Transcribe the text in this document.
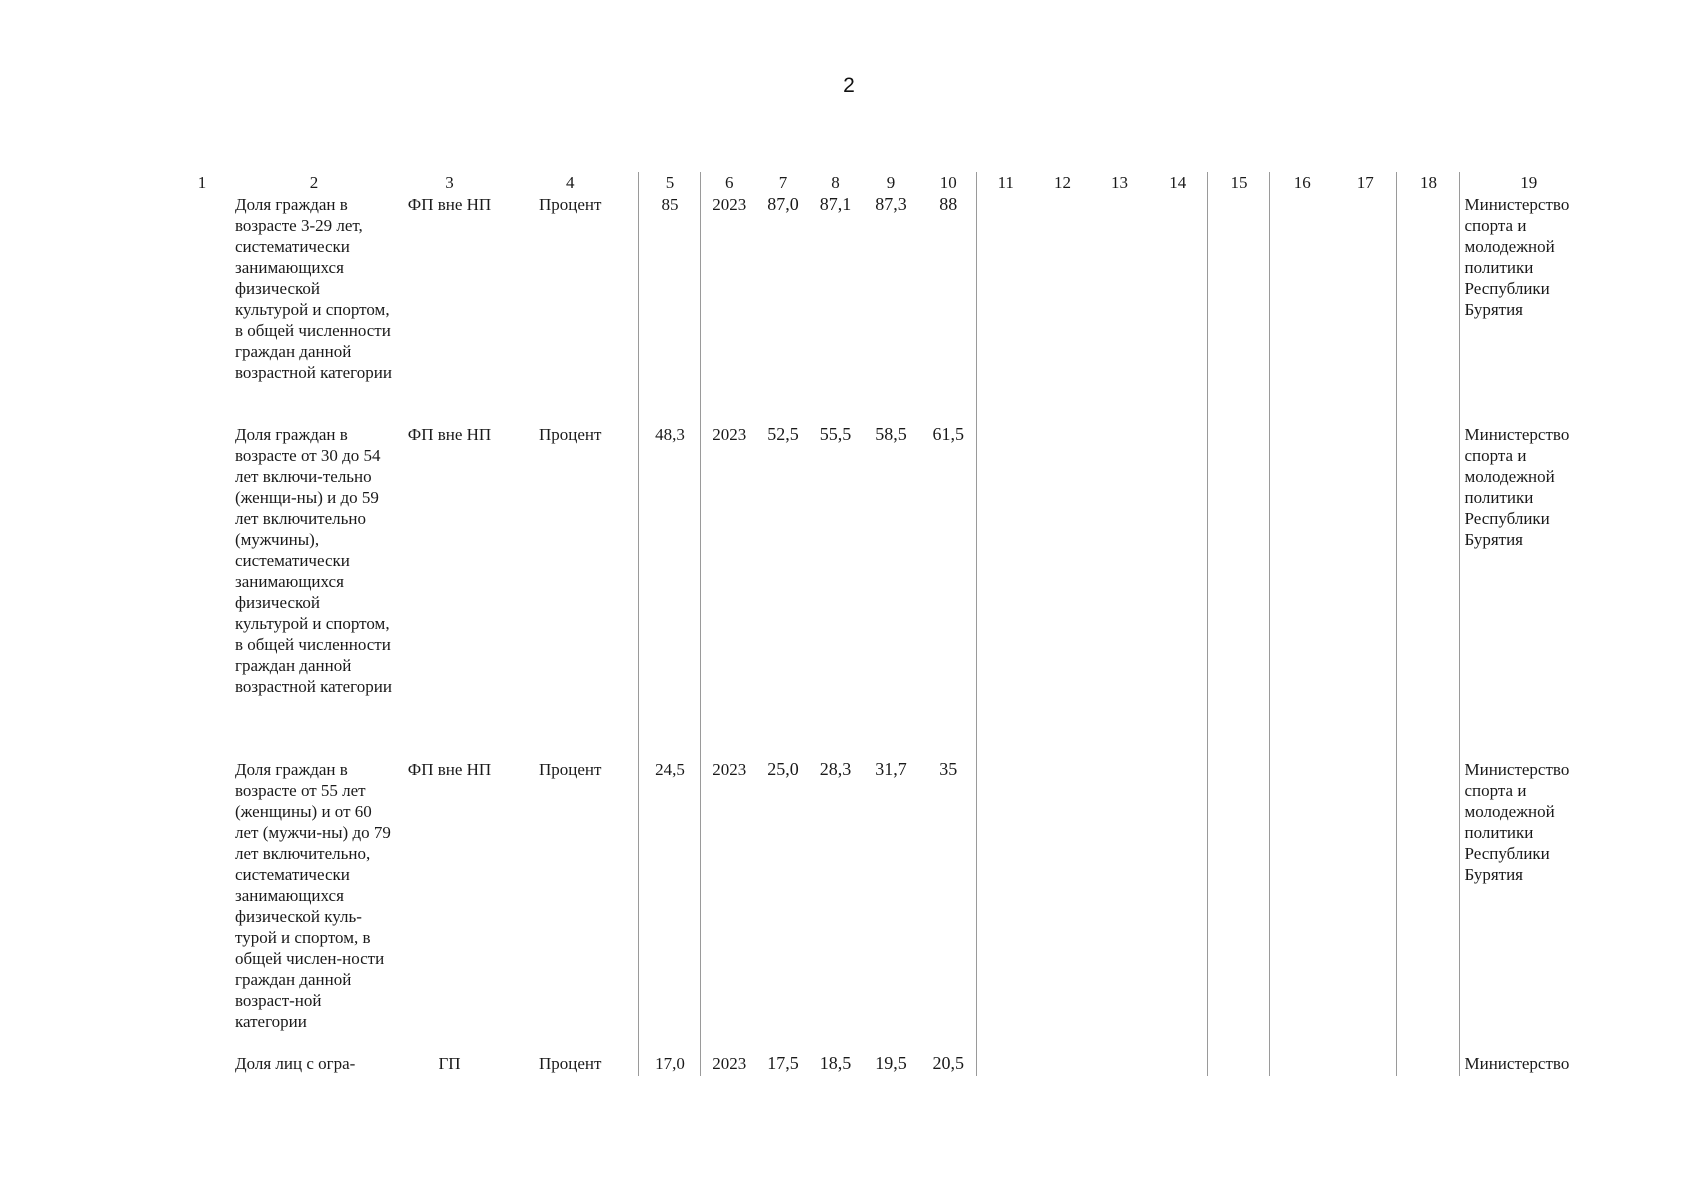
2
1	2	3	4	5	6	7	8	9	10	11	12	13	14	15	16	17	18	19
	Доля граждан в возрасте 3-29 лет, систематически занимающихся физической культурой и спортом, в общей численности граждан данной возрастной категории	ФП вне НП	Процент	85	2023	87,0	87,1	87,3	88									Министерство спорта и молодежной политики Республики Бурятия
	Доля граждан в возрасте от 30 до 54 лет включи-тельно (женщи-ны) и до 59 лет включительно (мужчины), систематически занимающихся физической культурой и спортом, в общей численности граждан данной возрастной категории	ФП вне НП	Процент	48,3	2023	52,5	55,5	58,5	61,5									Министерство спорта и молодежной политики Республики Бурятия
	Доля граждан в возрасте от 55 лет (женщины) и от 60 лет (мужчи-ны) до 79 лет включительно, систематически занимающихся физической куль-турой и спортом, в общей числен-ности граждан данной возраст-ной категории	ФП вне НП	Процент	24,5	2023	25,0	28,3	31,7	35									Министерство спорта и молодежной политики Республики Бурятия
	Доля лиц с огра-	ГП	Процент	17,0	2023	17,5	18,5	19,5	20,5									Министерство
